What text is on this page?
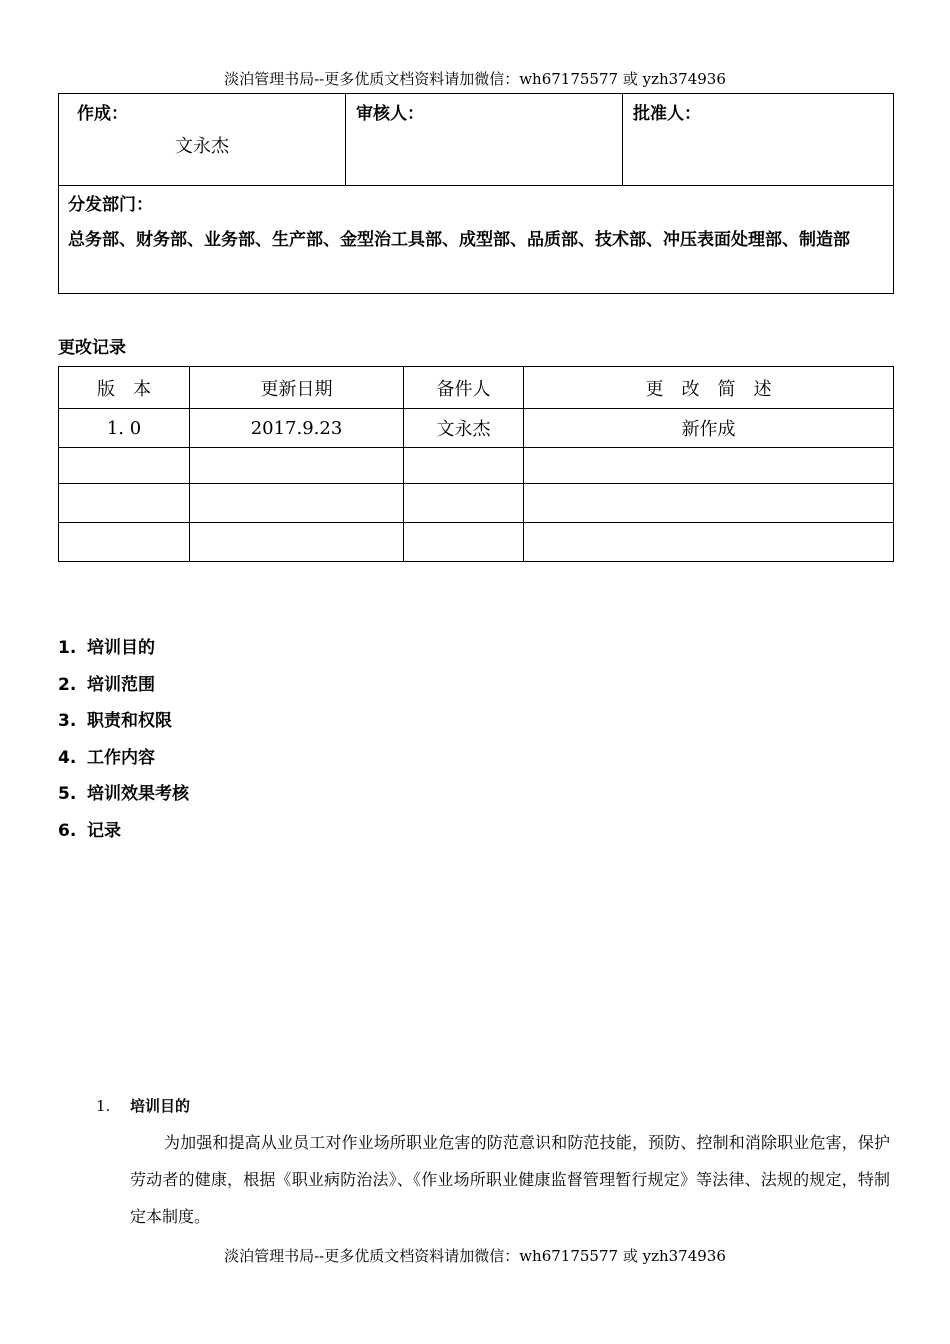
淡泊管理书局--更多优质文档资料请加微信：wh67175577 或 yzh374936
作成：
文永杰

审核人：	批准人：

分发部门：
总务部、财务部、业务部、生产部、金型治工具部、成型部、品质部、技术部、冲压表面处理部、制造部
更改记录
版　本	更新日期	备件人	更　改　简　述
1. 0	2017.9.23	文永杰	新作成

1. 培训目的
2. 培训范围
3. 职责和权限
4. 工作内容
5. 培训效果考核
6. 记录
1. 培训目的
为加强和提高从业员工对作业场所职业危害的防范意识和防范技能，预防、控制和消除职业危害，保护劳动者的健康，根据《职业病防治法》、《作业场所职业健康监督管理暂行规定》等法律、法规的规定，特制定本制度。
淡泊管理书局--更多优质文档资料请加微信：wh67175577 或 yzh374936
